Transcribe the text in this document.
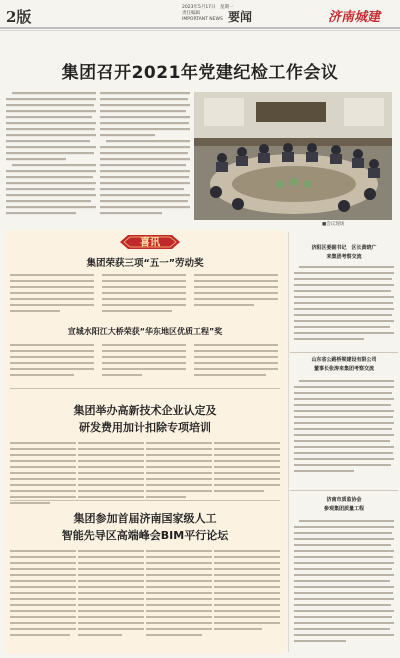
2版
2023年5月17日　星期一
责任编辑
IMPORTANT NEWS 要闻	济南城建
集团召开2021年党建纪检工作会议
■会议现场
喜讯
集团荣获三项“五一”劳动奖
宣城水阳江大桥荣获“华东地区优质工程”奖
集团举办高新技术企业认定及
研发费用加计扣除专项培训
集团参加首届济南国家级人工
智能先导区高端峰会BIM平行论坛
济阳区委副书记　区长黄晓广
来集团考察交流
山东省公路桥梁建设有限公司
董事长张涛来集团考察交流
济南市质监协会
参观集团质量工程
